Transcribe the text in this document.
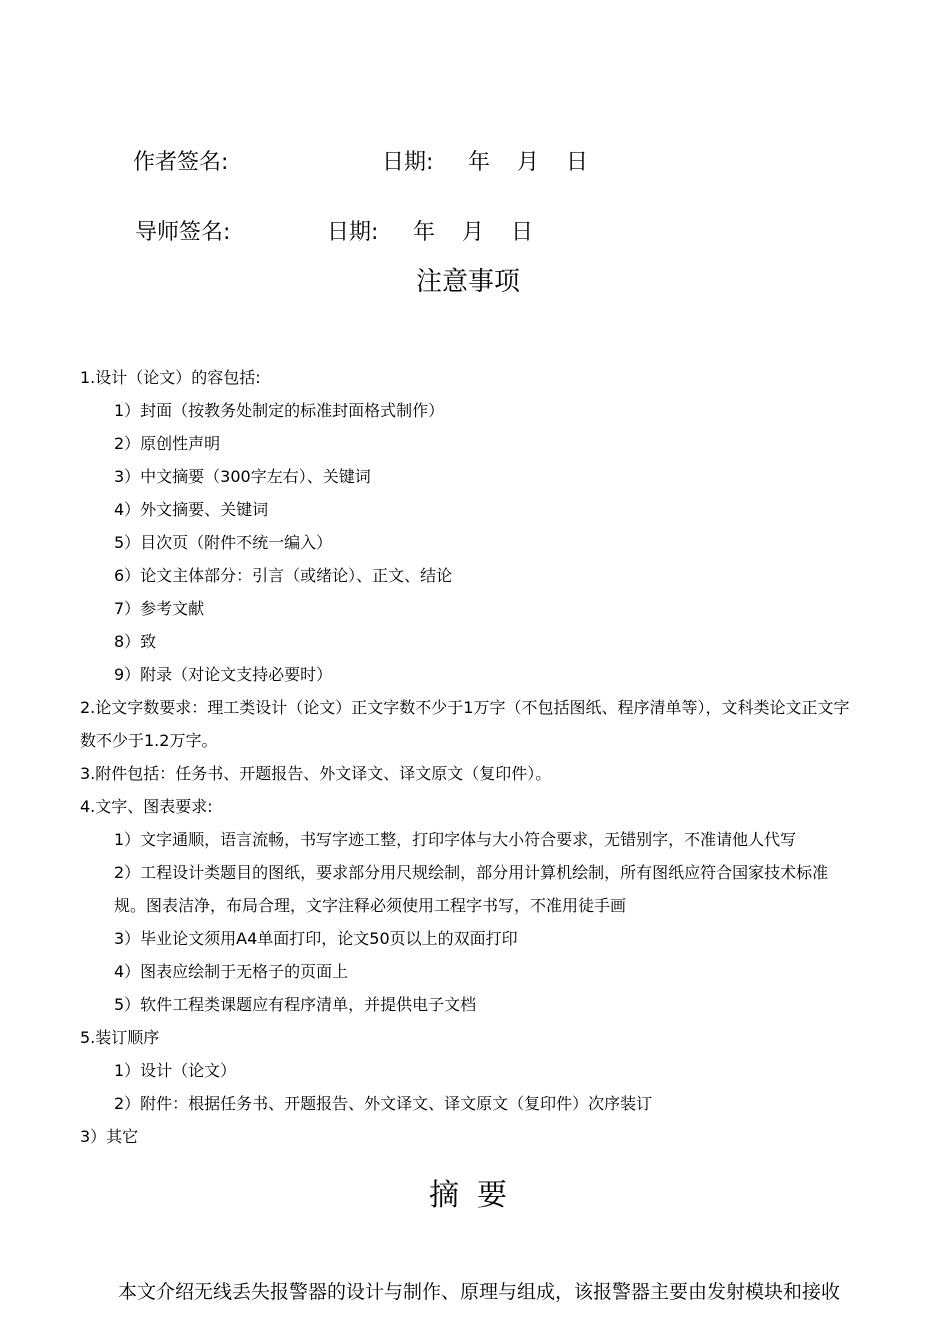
作者签名:

	日期:

年

月

日

导师签名:

	日期:

年

月

日

注意事项

1.设计（论文）的容包括:

1）封面（按教务处制定的标准封面格式制作）

2）原创性声明

3）中文摘要（300字左右）、关键词

4）外文摘要、关键词

5）目次页（附件不统一编入）

6）论文主体部分：引言（或绪论）、正文、结论

7）参考文献

8）致

9）附录（对论文支持必要时）

2.论文字数要求：理工类设计（论文）正文字数不少于1万字（不包括图纸、程序清单等），文科类论文正文字数不少于1.2万字。

3.附件包括：任务书、开题报告、外文译文、译文原文（复印件）。

4.文字、图表要求:

1）文字通顺，语言流畅，书写字迹工整，打印字体与大小符合要求，无错别字，不准请他人代写

2）工程设计类题目的图纸，要求部分用尺规绘制，部分用计算机绘制，所有图纸应符合国家技术标准规。图表洁净，布局合理，文字注释必须使用工程字书写，不准用徒手画

3）毕业论文须用A4单面打印，论文50页以上的双面打印

4）图表应绘制于无格子的页面上

5）软件工程类课题应有程序清单，并提供电子文档

5.装订顺序

1）设计（论文）

2）附件：根据任务书、开题报告、外文译文、译文原文（复印件）次序装订

3）其它

摘要
本文介绍无线丢失报警器的设计与制作、原理与组成，该报警器主要由发射模块和接收
